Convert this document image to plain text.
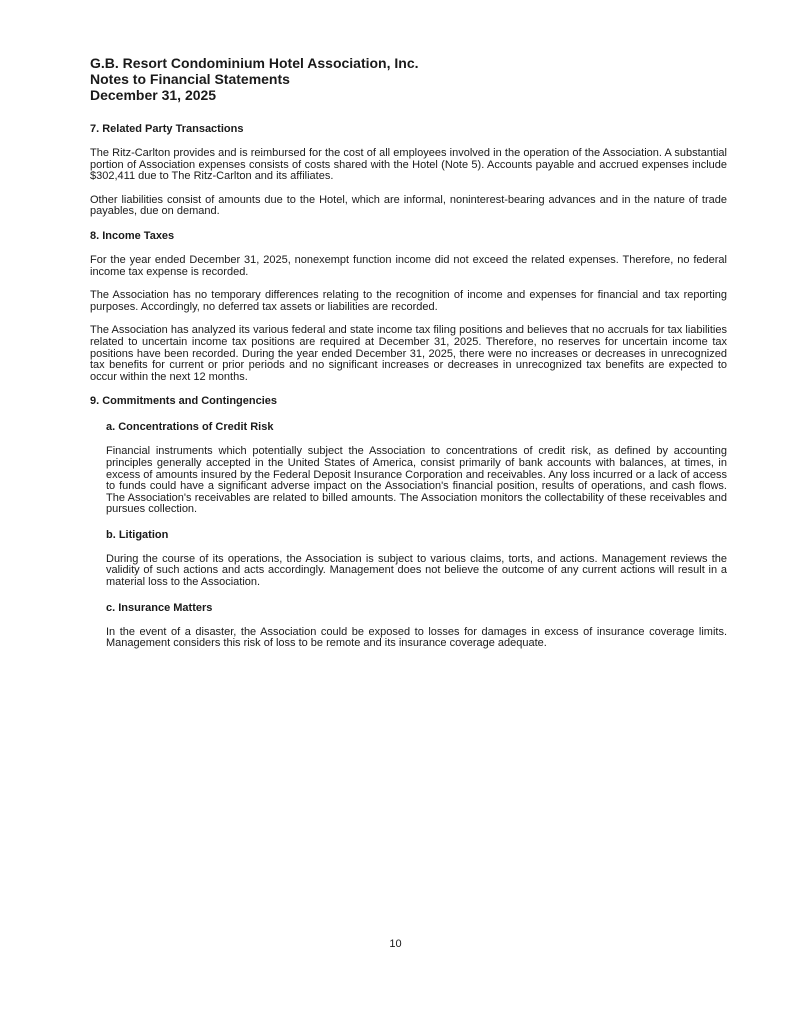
G.B. Resort Condominium Hotel Association, Inc.

Notes to Financial Statements

December 31, 2025

7. Related Party Transactions

The Ritz-Carlton provides and is reimbursed for the cost of all employees involved in the operation of the Association. A substantial portion of Association expenses consists of costs shared with the Hotel (Note 5). Accounts payable and accrued expenses include $302,411 due to The Ritz-Carlton and its affiliates.

Other liabilities consist of amounts due to the Hotel, which are informal, noninterest-bearing advances and in the nature of trade payables, due on demand.

8. Income Taxes

For the year ended December 31, 2025, nonexempt function income did not exceed the related expenses. Therefore, no federal income tax expense is recorded.

The Association has no temporary differences relating to the recognition of income and expenses for financial and tax reporting purposes. Accordingly, no deferred tax assets or liabilities are recorded.

The Association has analyzed its various federal and state income tax filing positions and believes that no accruals for tax liabilities related to uncertain income tax positions are required at December 31, 2025. Therefore, no reserves for uncertain income tax positions have been recorded. During the year ended December 31, 2025, there were no increases or decreases in unrecognized tax benefits for current or prior periods and no significant increases or decreases in unrecognized tax benefits are expected to occur within the next 12 months.

9. Commitments and Contingencies
a. Concentrations of Credit Risk

Financial instruments which potentially subject the Association to concentrations of credit risk, as defined by accounting principles generally accepted in the United States of America, consist primarily of bank accounts with balances, at times, in excess of amounts insured by the Federal Deposit Insurance Corporation and receivables. Any loss incurred or a lack of access to funds could have a significant adverse impact on the Association's financial position, results of operations, and cash flows. The Association's receivables are related to billed amounts. The Association monitors the collectability of these receivables and pursues collection.

b. Litigation

During the course of its operations, the Association is subject to various claims, torts, and actions. Management reviews the validity of such actions and acts accordingly. Management does not believe the outcome of any current actions will result in a material loss to the Association.

c. Insurance Matters

In the event of a disaster, the Association could be exposed to losses for damages in excess of insurance coverage limits. Management considers this risk of loss to be remote and its insurance coverage adequate.

10
